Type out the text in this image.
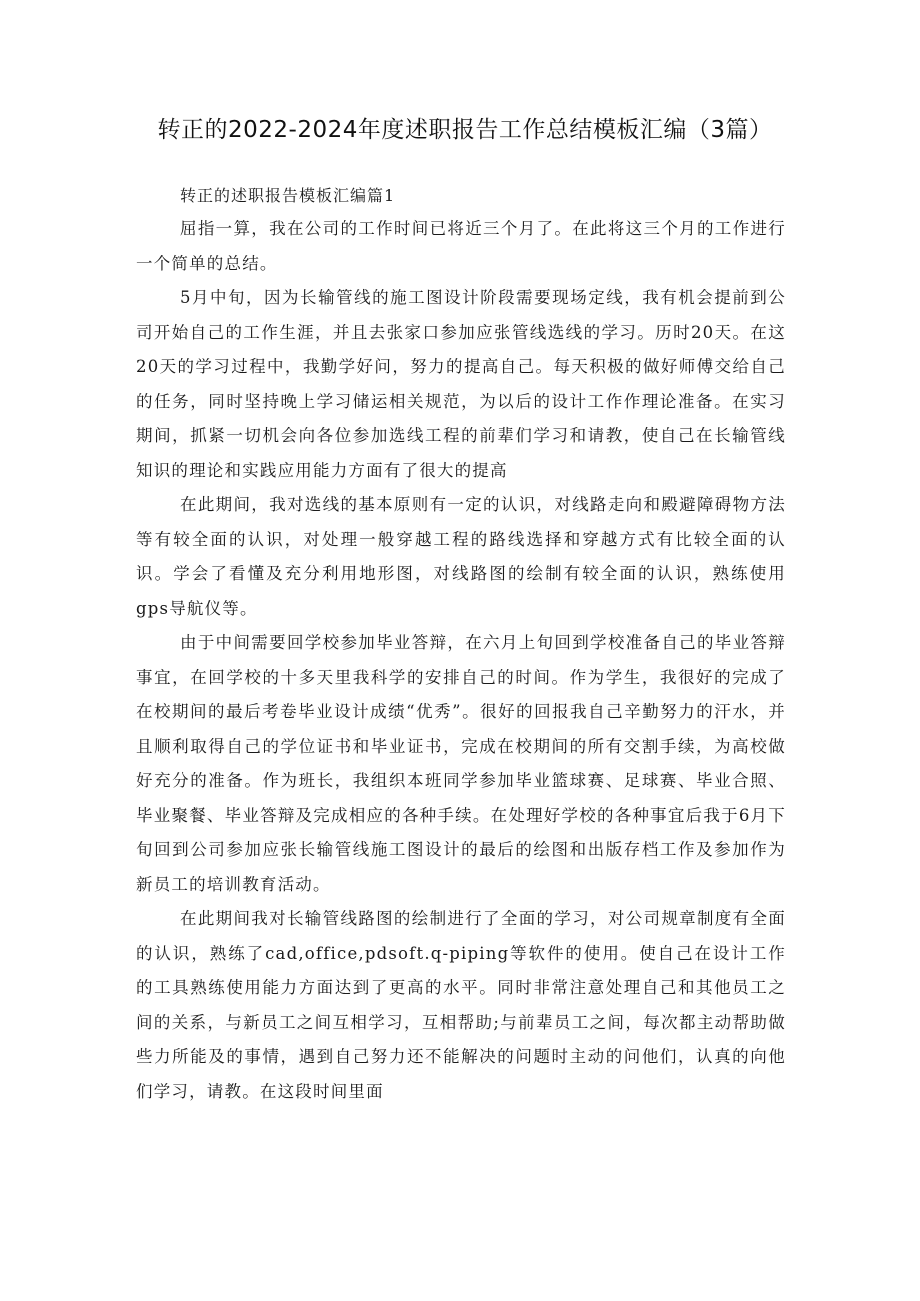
转正的2022-2024年度述职报告工作总结模板汇编（3篇）

转正的述职报告模板汇编篇1

屈指一算，我在公司的工作时间已将近三个月了。在此将这三个月的工作进行一个简单的总结。

5月中旬，因为长输管线的施工图设计阶段需要现场定线，我有机会提前到公司开始自己的工作生涯，并且去张家口参加应张管线选线的学习。历时20天。在这20天的学习过程中，我勤学好问，努力的提高自己。每天积极的做好师傅交给自己的任务，同时坚持晚上学习储运相关规范，为以后的设计工作作理论准备。在实习期间，抓紧一切机会向各位参加选线工程的前辈们学习和请教，使自己在长输管线知识的理论和实践应用能力方面有了很大的提高

在此期间，我对选线的基本原则有一定的认识，对线路走向和殿避障碍物方法等有较全面的认识，对处理一般穿越工程的路线选择和穿越方式有比较全面的认识。学会了看懂及充分利用地形图，对线路图的绘制有较全面的认识，熟练使用gps导航仪等。

由于中间需要回学校参加毕业答辩，在六月上旬回到学校准备自己的毕业答辩事宜，在回学校的十多天里我科学的安排自己的时间。作为学生，我很好的完成了在校期间的最后考卷毕业设计成绩“优秀”。很好的回报我自己辛勤努力的汗水，并且顺利取得自己的学位证书和毕业证书，完成在校期间的所有交割手续，为高校做好充分的准备。作为班长，我组织本班同学参加毕业篮球赛、足球赛、毕业合照、毕业聚餐、毕业答辩及完成相应的各种手续。在处理好学校的各种事宜后我于6月下旬回到公司参加应张长输管线施工图设计的最后的绘图和出版存档工作及参加作为新员工的培训教育活动。

在此期间我对长输管线路图的绘制进行了全面的学习，对公司规章制度有全面的认识，熟练了cad,office,pdsoft.q-piping等软件的使用。使自己在设计工作的工具熟练使用能力方面达到了更高的水平。同时非常注意处理自己和其他员工之间的关系，与新员工之间互相学习，互相帮助;与前辈员工之间，每次都主动帮助做些力所能及的事情，遇到自己努力还不能解决的问题时主动的问他们，认真的向他们学习，请教。在这段时间里面
